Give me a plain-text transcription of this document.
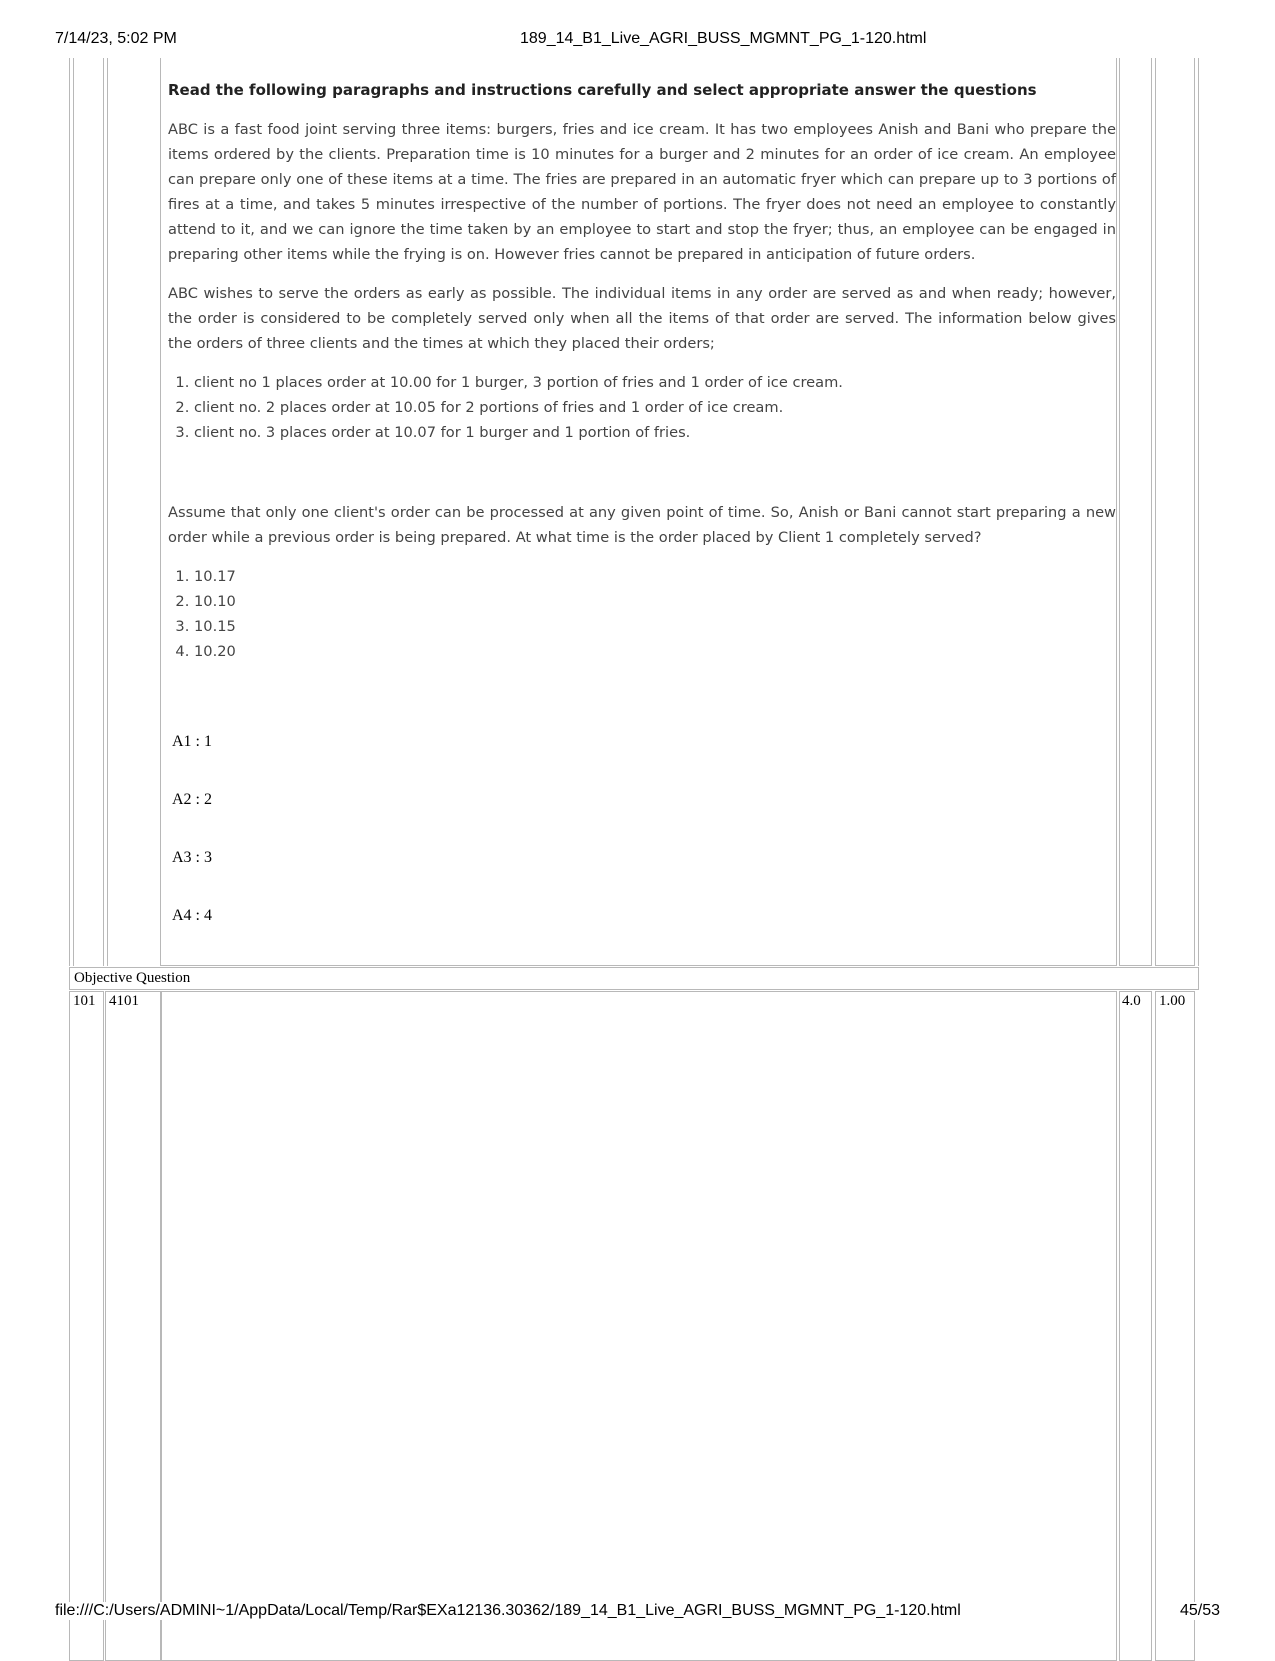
7/14/23, 5:02 PM	189_14_B1_Live_AGRI_BUSS_MGMNT_PG_1-120.html
Read the following paragraphs and instructions carefully and select appropriate answer the questions

ABC is a fast food joint serving three items: burgers, fries and ice cream. It has two employees Anish and Bani who prepare the items ordered by the clients. Preparation time is 10 minutes for a burger and 2 minutes for an order of ice cream. An employee can prepare only one of these items at a time. The fries are prepared in an automatic fryer which can prepare up to 3 portions of fires at a time, and takes 5 minutes irrespective of the number of portions. The fryer does not need an employee to constantly attend to it, and we can ignore the time taken by an employee to start and stop the fryer; thus, an employee can be engaged in preparing other items while the frying is on. However fries cannot be prepared in anticipation of future orders.

ABC wishes to serve the orders as early as possible. The individual items in any order are served as and when ready; however, the order is considered to be completely served only when all the items of that order are served. The information below gives the orders of three clients and the times at which they placed their orders;

1. client no 1 places order at 10.00 for 1 burger, 3 portion of fries and 1 order of ice cream.
2. client no. 2 places order at 10.05 for 2 portions of fries and 1 order of ice cream.
3. client no. 3 places order at 10.07 for 1 burger and 1 portion of fries.

Assume that only one client's order can be processed at any given point of time. So, Anish or Bani cannot start preparing a new order while a previous order is being prepared. At what time is the order placed by Client 1 completely served?

1. 10.17
2. 10.10
3. 10.15
4. 10.20
A1 : 1
A2 : 2
A3 : 3
A4 : 4
Objective Question
101 4101	4.0 1.00
file:///C:/Users/ADMINI~1/AppData/Local/Temp/Rar$EXa12136.30362/189_14_B1_Live_AGRI_BUSS_MGMNT_PG_1-120.html	45/53
